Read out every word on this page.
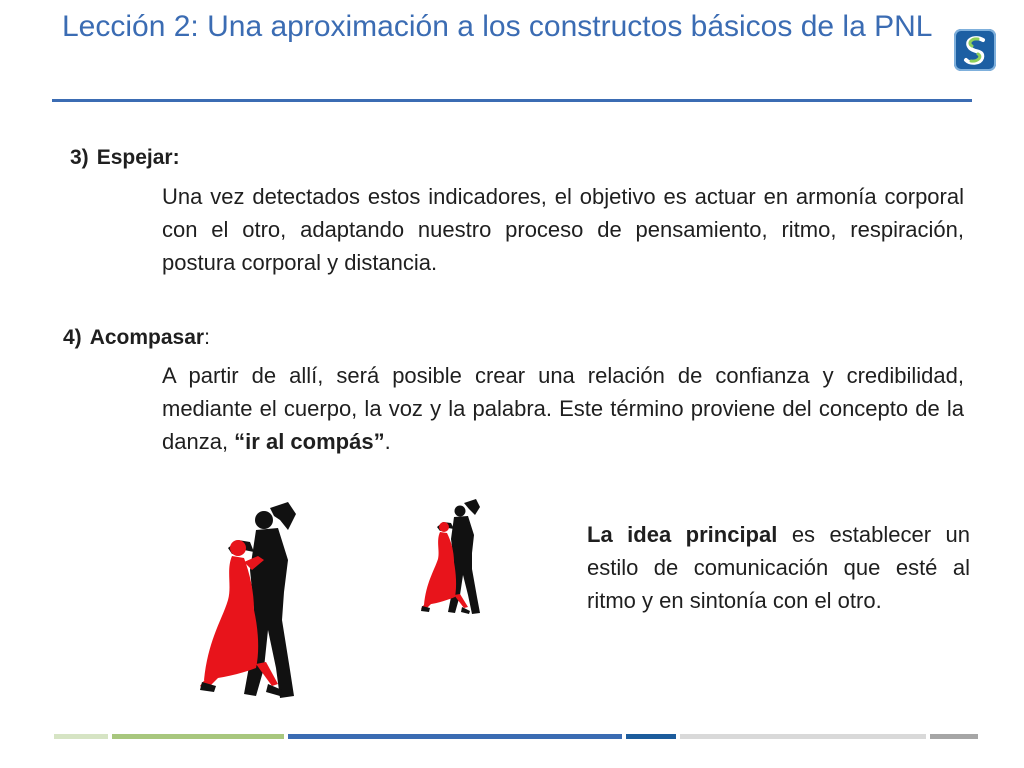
Lección 2: Una aproximación a los constructos básicos de la PNL
3) Espejar:

Una vez detectados estos indicadores, el objetivo es actuar en armonía corporal con el otro, adaptando nuestro proceso de pensamiento, ritmo, respiración, postura corporal y distancia.

4) Acompasar:

A partir de allí, será posible crear una relación de confianza y credibilidad, mediante el cuerpo, la voz y la palabra. Este término proviene del concepto de la danza, “ir al compás”.

La idea principal es establecer un estilo de comunicación que esté al ritmo y en sintonía con el otro.
